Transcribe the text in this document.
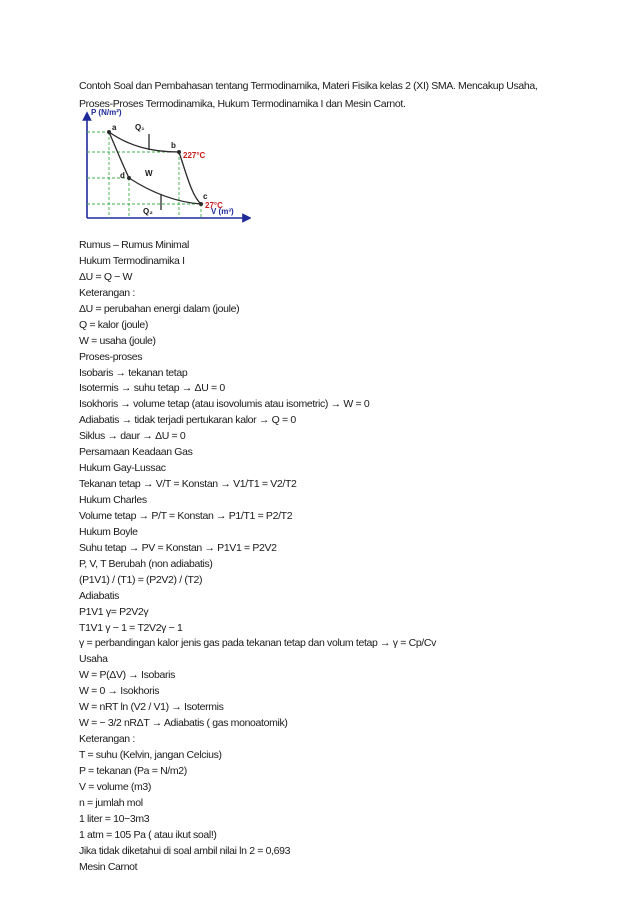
Contoh Soal dan Pembahasan tentang Termodinamika, Materi Fisika kelas 2 (XI) SMA. Mencakup Usaha,

Proses-Proses Termodinamika, Hukum Termodinamika I dan Mesin Carnot.

P (N/m²)
V (m³)
a
b
c
d
Q₁
Q₂
W
227°C
27°C
Rumus – Rumus Minimal
Hukum Termodinamika I
ΔU = Q − W
Keterangan :
ΔU = perubahan energi dalam (joule)
Q = kalor (joule)
W = usaha (joule)
Proses-proses
Isobaris → tekanan tetap
Isotermis → suhu tetap → ΔU = 0
Isokhoris → volume tetap (atau isovolumis atau isometric) → W = 0
Adiabatis → tidak terjadi pertukaran kalor → Q = 0
Siklus → daur → ΔU = 0
Persamaan Keadaan Gas
Hukum Gay-Lussac
Tekanan tetap → V/T = Konstan → V1/T1 = V2/T2
Hukum Charles
Volume tetap → P/T = Konstan → P1/T1 = P2/T2
Hukum Boyle
Suhu tetap → PV = Konstan → P1V1 = P2V2
P, V, T Berubah (non adiabatis)
(P1V1) / (T1) = (P2V2) / (T2)
Adiabatis
P1V1 γ= P2V2γ
T1V1 γ − 1 = T2V2γ − 1
γ = perbandingan kalor jenis gas pada tekanan tetap dan volum tetap → γ = Cp/Cv
Usaha
W = P(ΔV) → Isobaris
W = 0 → Isokhoris
W = nRT ln (V2 / V1) → Isotermis
W = − 3/2 nRΔT → Adiabatis ( gas monoatomik)
Keterangan :
T = suhu (Kelvin, jangan Celcius)
P = tekanan (Pa = N/m2)
V = volume (m3)
n = jumlah mol
1 liter = 10−3m3
1 atm = 105 Pa ( atau ikut soal!)
Jika tidak diketahui di soal ambil nilai ln 2 = 0,693
Mesin Carnot
